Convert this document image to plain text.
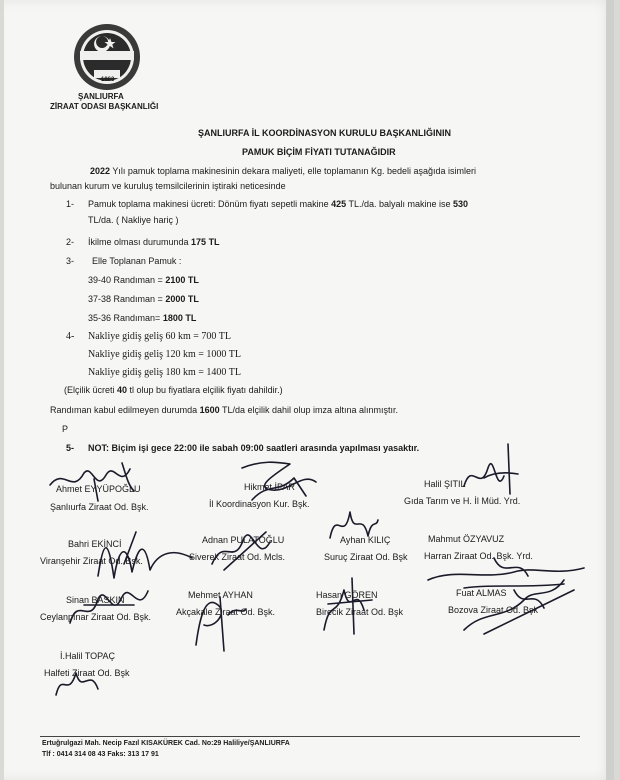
1963
ŞANLIURFA
ZİRAAT ODASI BAŞKANLIĞI
ŞANLIURFA İL KOORDİNASYON KURULU BAŞKANLIĞININ
PAMUK BİÇİM FİYATI TUTANAĞIDIR
2022 Yılı pamuk toplama makinesinin dekara maliyeti, elle toplamanın Kg. bedeli aşağıda isimleri
bulunan kurum ve kuruluş temsilcilerinin iştiraki neticesinde
1- Pamuk toplama makinesi ücreti: Dönüm fiyatı sepetli makine 425 TL./da. balyalı makine ise 530
TL/da. ( Nakliye hariç )
2- İkilme olması durumunda 175 TL
3- Elle Toplanan Pamuk :
39-40 Randıman = 2100 TL
37-38 Randıman = 2000 TL
35-36 Randıman= 1800 TL
4- Nakliye gidiş geliş 60 km = 700 TL
Nakliye gidiş geliş 120 km = 1000 TL
Nakliye gidiş geliş 180 km = 1400 TL
(Elçilik ücreti 40 tl olup bu fiyatlara elçilik fiyatı dahildir.)
Randıman kabul edilmeyen durumda 1600 TL/da elçilik dahil olup imza altına alınmıştır.
P
5- NOT: Biçim işi gece 22:00 ile sabah 09:00 saatleri arasında yapılması yasaktır.
Ahmet EYYÜPOĞLU
Şanlıurfa Ziraat Od. Bşk.
Hikmet İPAR
İl Koordinasyon Kur. Bşk.
Halil ŞITIL
Gıda Tarım ve H. İl Müd. Yrd.
Bahri EKİNCİ
Viranşehir Ziraat Od. Bşk.
Adnan PULATOĞLU
Siverek Ziraat Od. Mcls.
Ayhan KILIÇ
Suruç Ziraat Od. Bşk
Mahmut ÖZYAVUZ
Harran Ziraat Od. Bşk. Yrd.
Sinan BASKIN
Ceylanpınar Ziraat Od. Bşk.
Mehmet AYHAN
Akçakale Ziraat Od. Bşk.
Hasan GÖREN
Birecik Ziraat Od. Bşk
Fuat ALMAS
Bozova Ziraat Od. Bşk
İ.Halil TOPAÇ
Halfeti Ziraat Od. Bşk
Ertuğrulgazi Mah. Necip Fazıl KISAKÜREK Cad. No:29 Haliliye/ŞANLIURFA
Tlf : 0414 314 08 43 Faks: 313 17 91
